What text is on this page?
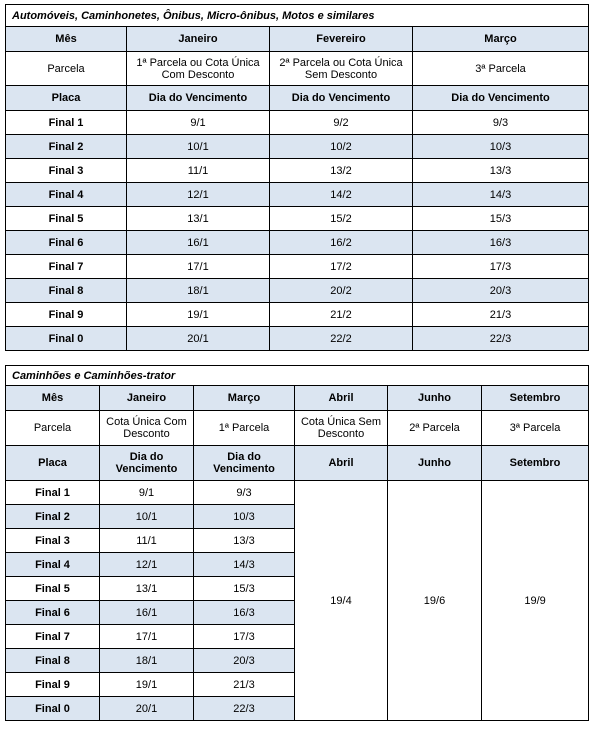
Automóveis, Caminhonetes, Ônibus, Micro-ônibus, Motos e similares			
Mês	Janeiro	Fevereiro	Março
Parcela	1ª Parcela ou Cota Única Com Desconto	2ª Parcela ou Cota Única Sem Desconto	3ª Parcela
Placa	Dia do Vencimento	Dia do Vencimento	Dia do Vencimento
Final 1	9/1	9/2	9/3
Final 2	10/1	10/2	10/3
Final 3	11/1	13/2	13/3
Final 4	12/1	14/2	14/3
Final 5	13/1	15/2	15/3
Final 6	16/1	16/2	16/3
Final 7	17/1	17/2	17/3
Final 8	18/1	20/2	20/3
Final 9	19/1	21/2	21/3
Final 0	20/1	22/2	22/3
Caminhões e Caminhões-trator					
Mês	Janeiro	Março	Abril	Junho	Setembro
Parcela	Cota Única Com Desconto	1ª Parcela	Cota Única Sem Desconto	2ª Parcela	3ª Parcela
Placa	Dia do Vencimento	Dia do Vencimento	Abril	Junho	Setembro
Final 1	9/1	9/3	19/4	19/6	19/9
Final 2	10/1	10/3			
Final 3	11/1	13/3			
Final 4	12/1	14/3			
Final 5	13/1	15/3			
Final 6	16/1	16/3			
Final 7	17/1	17/3			
Final 8	18/1	20/3			
Final 9	19/1	21/3			
Final 0	20/1	22/3			
